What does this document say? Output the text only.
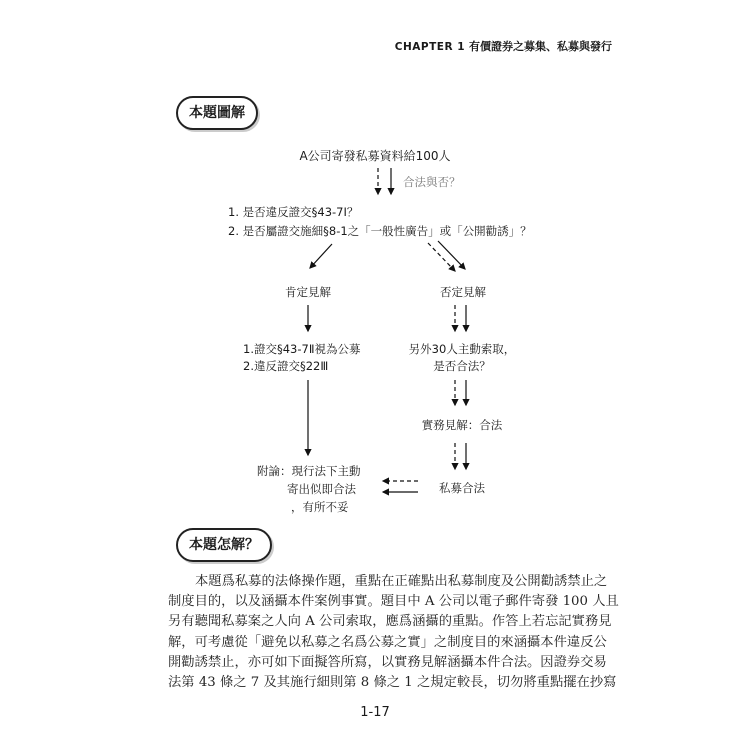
CHAPTER 1 有價證券之募集、私募與發行
本題圖解
A公司寄發私募資料給100人
合法與否？
1. 是否違反證交§43-7Ⅰ？
2. 是否屬證交施細§8-1之「一般性廣告」或「公開勸誘」？
肯定見解	否定見解
1.證交§43-7Ⅱ視為公募
2.違反證交§22Ⅲ
另外30人主動索取，
是否合法？
實務見解：合法
私募合法
附論：現行法下主動
寄出似即合法
，有所不妥
本題怎解？
本題爲私募的法條操作題，重點在正確點出私募制度及公開勸誘禁止之
制度目的，以及涵攝本件案例事實。題目中 A 公司以電子郵件寄發 100 人且
另有聽聞私募案之人向 A 公司索取，應爲涵攝的重點。作答上若忘記實務見
解，可考慮從「避免以私募之名爲公募之實」之制度目的來涵攝本件違反公
開勸誘禁止，亦可如下面擬答所寫，以實務見解涵攝本件合法。因證券交易
法第 43 條之 7 及其施行細則第 8 條之 1 之規定較長，切勿將重點擺在抄寫
1-17
